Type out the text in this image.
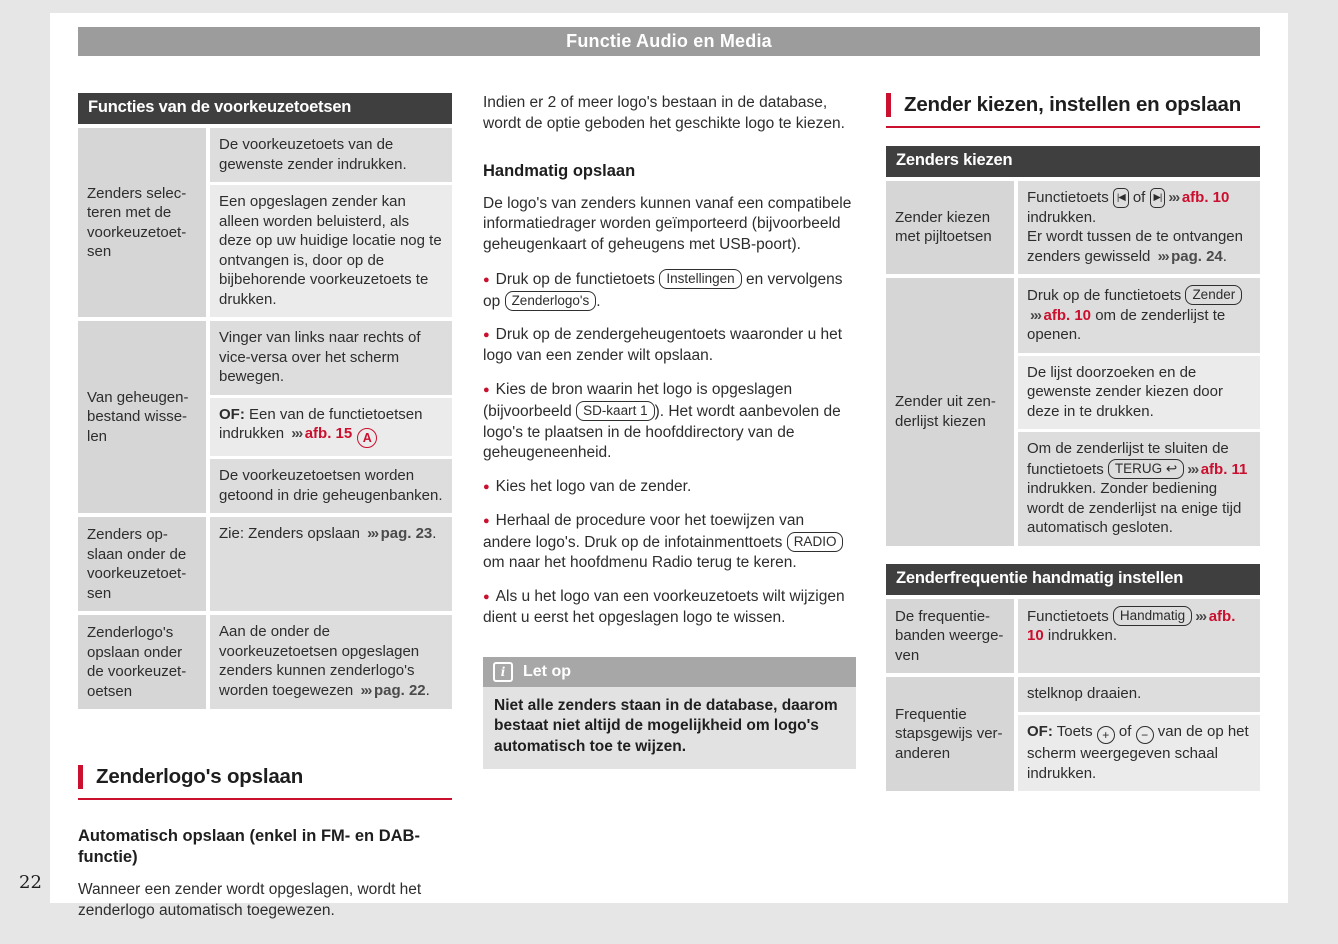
Functie Audio en Media
Functies van de voorkeuzetoetsen
Zenders selec-teren met de voorkeuzetoet-sen
De voorkeuzetoets van de gewenste zender indrukken.
Een opgeslagen zender kan alleen worden beluisterd, als deze op uw huidige locatie nog te ontvangen is, door op de bijbehorende voorkeuzetoets te drukken.
Van geheugen-bestand wisse-len
Vinger van links naar rechts of vice-versa over het scherm bewegen.
OF: Een van de functietoetsen indrukken ››› afb. 15 A
De voorkeuzetoetsen worden getoond in drie geheugenbanken.
Zenders op-slaan onder de voorkeuzetoet-sen
Zie: Zenders opslaan ››› pag. 23.
Zenderlogo's opslaan onder de voorkeuzet-oetsen
Aan de onder de voorkeuzetoetsen opgeslagen zenders kunnen zenderlogo's worden toegewezen ››› pag. 22.
Zenderlogo's opslaan
Automatisch opslaan (enkel in FM- en DAB-functie)
Wanneer een zender wordt opgeslagen, wordt het zenderlogo automatisch toegewezen.
Indien er 2 of meer logo's bestaan in de database, wordt de optie geboden het geschikte logo te kiezen.
Handmatig opslaan
De logo's van zenders kunnen vanaf een compatibele informatiedrager worden geïmporteerd (bijvoorbeeld geheugenkaart of geheugens met USB-poort).
● Druk op de functietoets Instellingen en vervolgens op Zenderlogo's .
● Druk op de zendergeheugentoets waaronder u het logo van een zender wilt opslaan.
● Kies de bron waarin het logo is opgeslagen (bijvoorbeeld SD-kaart 1 ). Het wordt aanbevolen de logo's te plaatsen in de hoofddirectory van de geheugeneenheid.
● Kies het logo van de zender.
● Herhaal de procedure voor het toewijzen van andere logo's. Druk op de infotainmenttoets RADIO om naar het hoofdmenu Radio terug te keren.
● Als u het logo van een voorkeuzetoets wilt wijzigen dient u eerst het opgeslagen logo te wissen.
i	Let op
Niet alle zenders staan in de database, daarom bestaat niet altijd de mogelijkheid om logo's automatisch toe te wijzen.
Zender kiezen, instellen en opslaan
Zenders kiezen
Zender kiezen met pijltoetsen
Functietoets |◀ of ▶| ››› afb. 10 indrukken.
Er wordt tussen de te ontvangen zenders gewisseld ››› pag. 24.
Zender uit zen-derlijst kiezen
Druk op de functietoets Zender ››› afb. 10 om de zenderlijst te openen.
De lijst doorzoeken en de gewenste zender kiezen door deze in te drukken.
Om de zenderlijst te sluiten de functietoets TERUG ↩ ››› afb. 11 indrukken. Zonder bediening wordt de zenderlijst na enige tijd automatisch gesloten.
Zenderfrequentie handmatig instellen
De frequentie-banden weerge-ven
Functietoets Handmatig ››› afb. 10 indrukken.
Frequentie stapsgewijs ver-anderen
stelknop draaien.
OF: Toets + of − van de op het scherm weergegeven schaal indrukken.
22
